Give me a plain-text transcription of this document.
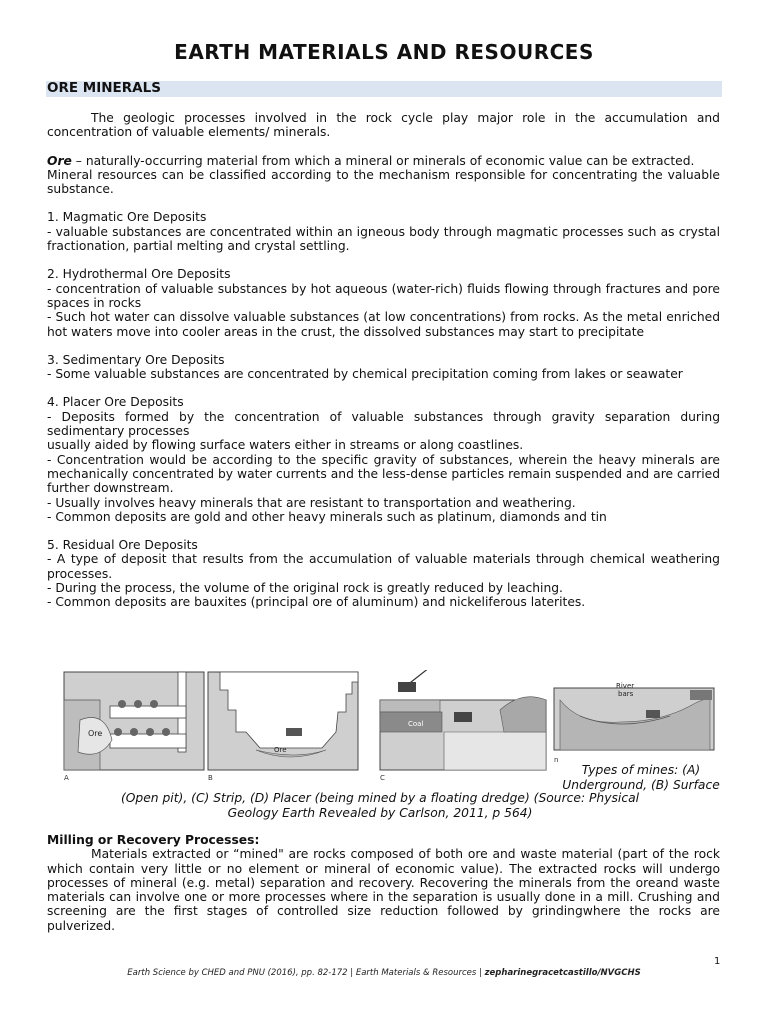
EARTH MATERIALS AND RESOURCES
ORE MINERALS

The geologic processes involved in the rock cycle play major role in the accumulation and concentration of valuable elements/ minerals.

Ore – naturally-occurring material from which a mineral or minerals of economic value can be extracted.

Mineral resources can be classified according to the mechanism responsible for concentrating the valuable substance.

1. Magmatic Ore Deposits

- valuable substances are concentrated within an igneous body through magmatic processes such as crystal fractionation, partial melting and crystal settling.

2. Hydrothermal Ore Deposits

- concentration of valuable substances by hot aqueous (water-rich) fluids flowing through fractures and pore spaces in rocks

- Such hot water can dissolve valuable substances (at low concentrations) from rocks. As the metal enriched hot waters move into cooler areas in the crust, the dissolved substances may start to precipitate

3. Sedimentary Ore Deposits

- Some valuable substances are concentrated by chemical precipitation coming from lakes or seawater

4. Placer Ore Deposits

- Deposits formed by the concentration of valuable substances through gravity separation during sedimentary processes

usually aided by flowing surface waters either in streams or along coastlines.

- Concentration would be according to the specific gravity of substances, wherein the heavy minerals are mechanically concentrated by water currents and the less-dense particles remain suspended and are carried further downstream.

- Usually involves heavy minerals that are resistant to transportation and weathering.

- Common deposits are gold and other heavy minerals such as platinum, diamonds and tin

5. Residual Ore Deposits

- A type of deposit that results from the accumulation of valuable materials through chemical weathering processes.

- During the process, the volume of the original rock is greatly reduced by leaching.

- Common deposits are bauxites (principal ore of aluminum) and nickeliferous laterites.

Ore
A
Ore
B
Coal
C
River
bars
n
Types of mines: (A) Underground, (B) Surface
(Open pit), (C) Strip, (D) Placer (being mined by a floating dredge) (Source: Physical Geology Earth Revealed by Carlson, 2011, p 564)
Milling or Recovery Processes:

Materials extracted or “mined" are rocks composed of both ore and waste material (part of the rock which contain very little or no element or mineral of economic value). The extracted rocks will undergo processes of mineral (e.g. metal) separation and recovery. Recovering the minerals from the oreand waste materials can involve one or more processes where in the separation is usually done in a mill. Crushing and screening are the first stages of controlled size reduction followed by grindingwhere the rocks are pulverized.

1
Earth Science by CHED and PNU (2016), pp. 82-172 | Earth Materials & Resources | zepharinegracetcastillo/NVGCHS
